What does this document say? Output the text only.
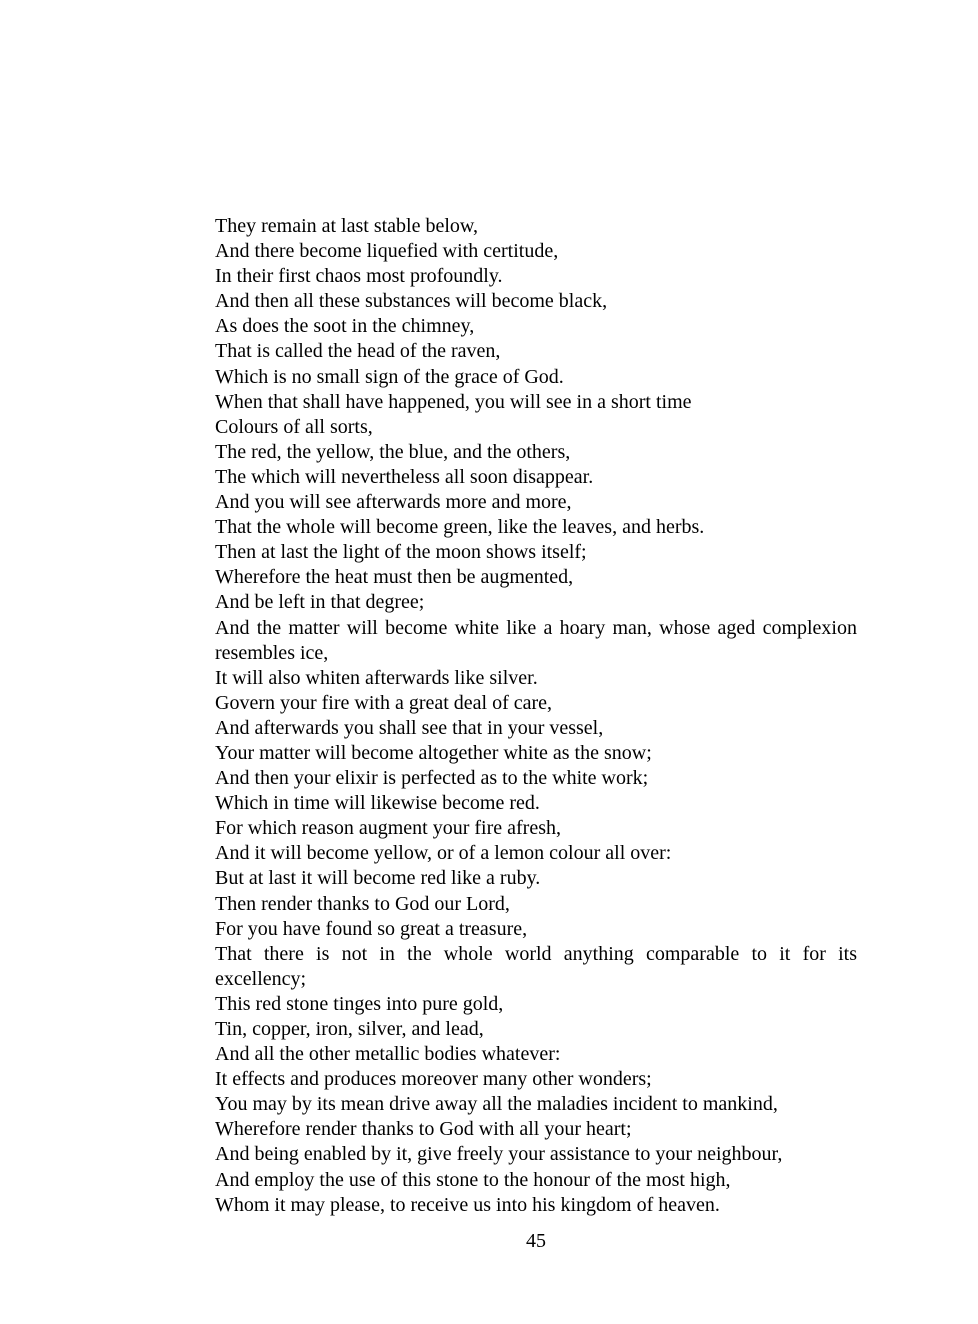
They remain at last stable below,
And there become liquefied with certitude,
In their first chaos most profoundly.
And then all these substances will become black,
As does the soot in the chimney,
That is called the head of the raven,
Which is no small sign of the grace of God.
When that shall have happened, you will see in a short time
Colours of all sorts,
The red, the yellow, the blue, and the others,
The which will nevertheless all soon disappear.
And you will see afterwards more and more,
That the whole will become green, like the leaves, and herbs.
Then at last the light of the moon shows itself;
Wherefore the heat must then be augmented,
And be left in that degree;
And the matter will become white like a hoary man, whose aged complexion resembles ice,
It will also whiten afterwards like silver.
Govern your fire with a great deal of care,
And afterwards you shall see that in your vessel,
Your matter will become altogether white as the snow;
And then your elixir is perfected as to the white work;
Which in time will likewise become red.
For which reason augment your fire afresh,
And it will become yellow, or of a lemon colour all over:
But at last it will become red like a ruby.
Then render thanks to God our Lord,
For you have found so great a treasure,
That there is not in the whole world anything comparable to it for its excellency;
This red stone tinges into pure gold,
Tin, copper, iron, silver, and lead,
And all the other metallic bodies whatever:
It effects and produces moreover many other wonders;
You may by its mean drive away all the maladies incident to mankind,
Wherefore render thanks to God with all your heart;
And being enabled by it, give freely your assistance to your neighbour,
And employ the use of this stone to the honour of the most high,
Whom it may please, to receive us into his kingdom of heaven.
45
